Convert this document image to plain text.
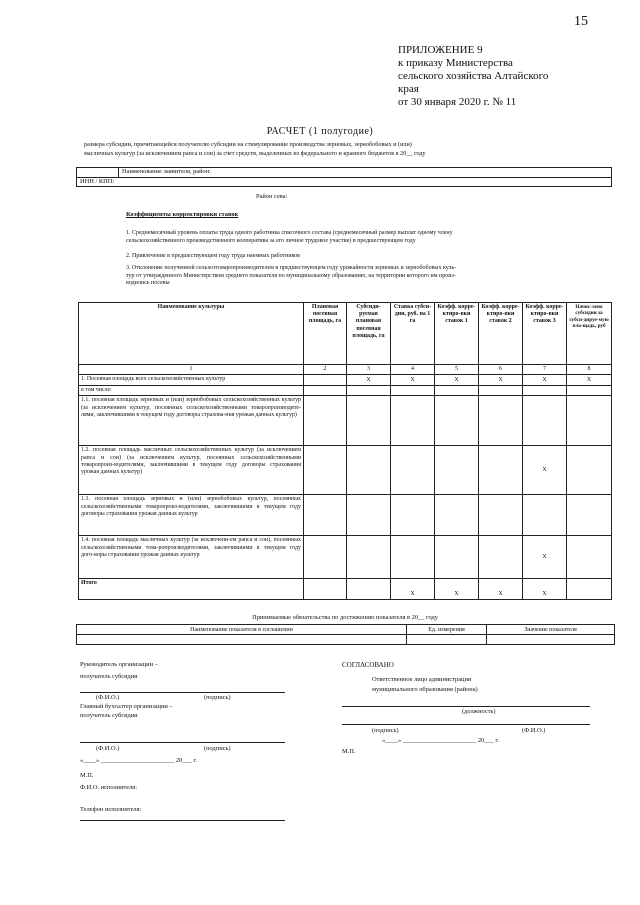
15
ПРИЛОЖЕНИЕ 9
к приказу Министерства
сельского хозяйства Алтайского
края
от 30 января 2020 г. № 11
РАСЧЕТ (1 полугодие)
размера субсидии, причитающейся получателю субсидии на стимулирование производства зерновых, зернобобовых и (или)
масличных культур (за исключением рапса и сои) за счет средств, выделенных из федерального и краевого бюджетов в 20__ году
Наименование заявителя, район:
ИНН / КПП:
Район сева:
Коэффициенты корректировки ставок
1. Среднемесячный уровень оплаты труда одного работника списочного состава (среднемесячный размер выплат одному члену
сельскохозяйственного производственного кооператива за его личное трудовое участие) в предшествующем году
2. Привлечение в предшествующем году труда наемных работников
3. Отклонение полученной сельхозтоваропроизводителем в предшествующем году урожайности зерновых и зернобобовых куль-
тур от утвержденного Министерством среднего показателя по муниципальному образованию, на территории которого им произ-
водились посевы
Наименование культуры	Плановая посевная площадь, га	Субсиди-руемая плановая посевная площадь, га	Ставка субси-дии, руб. на 1 га	Коэфф. корре-ктиро-вки ставок 1	Коэфф. корре-ктиро-вки ставок 2	Коэфф. корре-ктиро-вки ставок 3	Начис-лено субсидии за субси-дируе-мую пло-щадь, руб
1	2	3	4	5	6	7	8
1. Посевная площадь всех сельскохозяйственных культур		X	X	X	X	X	X
в том числе:							
1.1. посевная площадь зерновых и (или) зернобобовых сельскохозяйственных культур (за исключением культур, посеянных сельскохозяйственными товаропроизводите-лями, заключившими в текущем году договоры страхова-ния урожая данных культур)							
1.2. посевная площадь масличных сельскохозяйственных культур (за исключением рапса и сои) (за исключением культур, посеянных сельскохозяйственными товаропроиз-водителями, заключившими в текущем году договоры страхования урожая данных культур)						X	
1.3. посевная площадь зерновых и (или) зернобобовых культур, посеянных сельскохозяйственными товаропроиз-водителями, заключившими в текущем году договоры страхования урожая данных культур							
1.4. посевная площадь масличных культур (за исключени-ем рапса и сои), посеянных сельскохозяйственными това-ропроизводителями, заключившими в текущем году дого-воры страхования урожая данных культур						X	
Итого			X	X	X	X	
Принимаемые обязательства по достижению показателя в 20__ году
Наименование показателя в соглашении	Ед. измерения	Значение показателя

Руководитель организации –
получатель субсидии
(Ф.И.О.)	(подпись)
Главный бухгалтер организации –
получатель субсидии
(Ф.И.О.)	(подпись)
«____» _______________________ 20___ г.
М.П.
Ф.И.О. исполнителя:
Телефон исполнителя:
СОГЛАСОВАНО
Ответственное лицо администрации
муниципального образования (района)
(должность)
(подпись)	(Ф.И.О.)
«____» _______________________ 20___ г.
М.П.
